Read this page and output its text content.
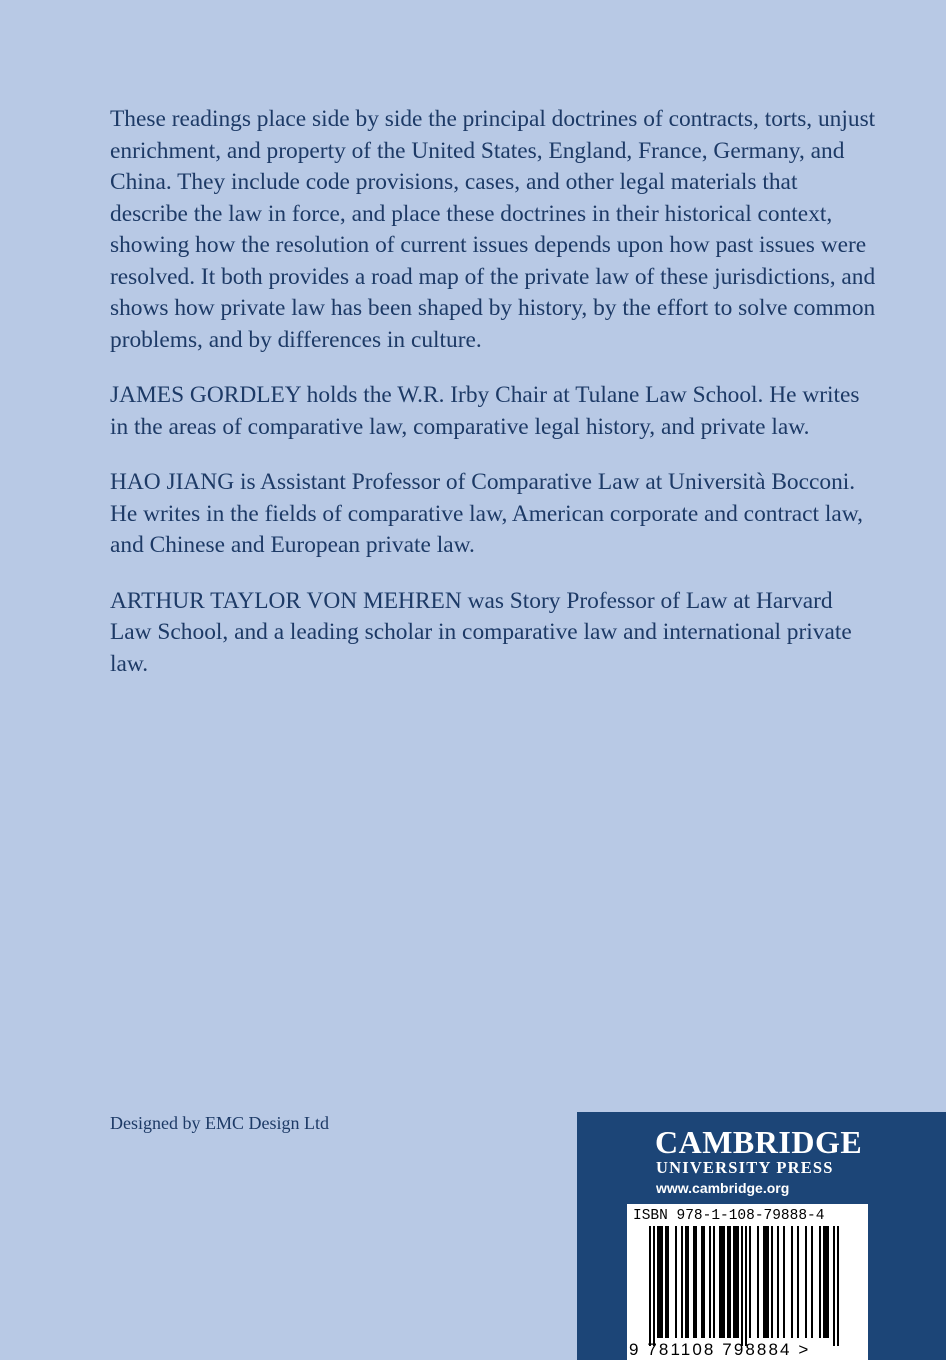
These readings place side by side the principal doctrines of contracts, torts, unjust enrichment, and property of the United States, England, France, Germany, and China. They include code provisions, cases, and other legal materials that describe the law in force, and place these doctrines in their historical context, showing how the resolution of current issues depends upon how past issues were resolved. It both provides a road map of the private law of these jurisdictions, and shows how private law has been shaped by history, by the effort to solve common problems, and by differences in culture.

JAMES GORDLEY holds the W.R. Irby Chair at Tulane Law School. He writes in the areas of comparative law, comparative legal history, and private law.

HAO JIANG is Assistant Professor of Comparative Law at Università Bocconi. He writes in the fields of comparative law, American corporate and contract law, and Chinese and European private law.

ARTHUR TAYLOR VON MEHREN was Story Professor of Law at Harvard Law School, and a leading scholar in comparative law and international private law.

Designed by EMC Design Ltd

CAMBRIDGE

UNIVERSITY PRESS

www.cambridge.org

ISBN 978-1-108-79888-4

9 781108 798884 >
